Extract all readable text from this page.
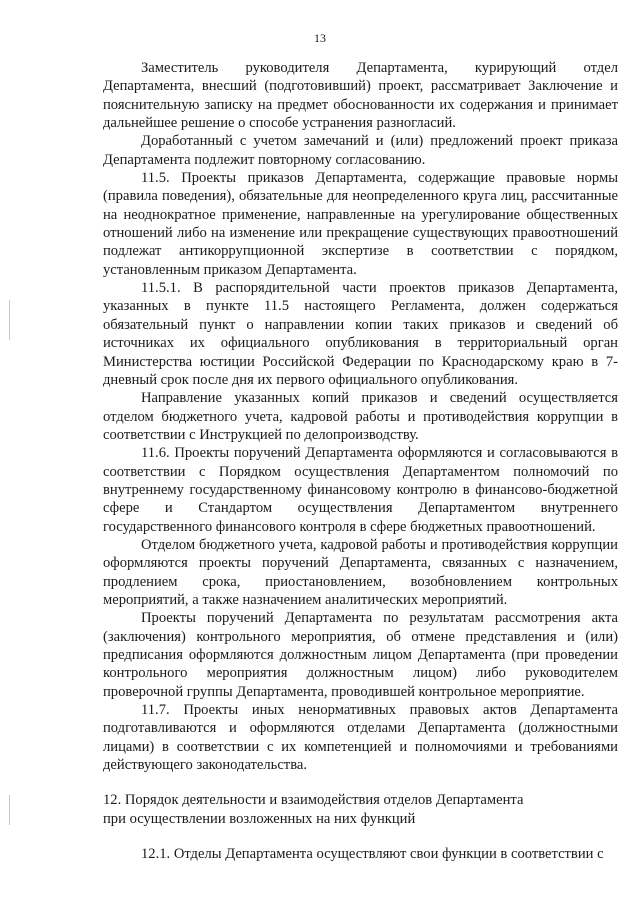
13

Заместитель руководителя Департамента, курирующий отдел Департамента, внесший (подготовивший) проект, рассматривает Заключение и пояснительную записку на предмет обоснованности их содержания и принимает дальнейшее решение о способе устранения разногласий.

Доработанный с учетом замечаний и (или) предложений проект приказа Департамента подлежит повторному согласованию.

11.5. Проекты приказов Департамента, содержащие правовые нормы (правила поведения), обязательные для неопределенного круга лиц, рассчитанные на неоднократное применение, направленные на урегулирование общественных отношений либо на изменение или прекращение существующих правоотношений подлежат антикоррупционной экспертизе в соответствии с порядком, установленным приказом Департамента.

11.5.1. В распорядительной части проектов приказов Департамента, указанных в пункте 11.5 настоящего Регламента, должен содержаться обязательный пункт о направлении копии таких приказов и сведений об источниках их официального опубликования в территориальный орган Министерства юстиции Российской Федерации по Краснодарскому краю в 7-дневный срок после дня их первого официального опубликования.

Направление указанных копий приказов и сведений осуществляется отделом бюджетного учета, кадровой работы и противодействия коррупции в соответствии с Инструкцией по делопроизводству.

11.6. Проекты поручений Департамента оформляются и согласовываются в соответствии с Порядком осуществления Департаментом полномочий по внутреннему государственному финансовому контролю в финансово-бюджетной сфере и Стандартом осуществления Департаментом внутреннего государственного финансового контроля в сфере бюджетных правоотношений.

Отделом бюджетного учета, кадровой работы и противодействия коррупции оформляются проекты поручений Департамента, связанных с назначением, продлением срока, приостановлением, возобновлением контрольных мероприятий, а также назначением аналитических мероприятий.

Проекты поручений Департамента по результатам рассмотрения акта (заключения) контрольного мероприятия, об отмене представления и (или) предписания оформляются должностным лицом Департамента (при проведении контрольного мероприятия должностным лицом) либо руководителем проверочной группы Департамента, проводившей контрольное мероприятие.

11.7. Проекты иных ненормативных правовых актов Департамента подготавливаются и оформляются отделами Департамента (должностными лицами) в соответствии с их компетенцией и полномочиями и требованиями действующего законодательства.

12. Порядок деятельности и взаимодействия отделов Департамента
при осуществлении возложенных на них функций

12.1. Отделы Департамента осуществляют свои функции в соответствии с
